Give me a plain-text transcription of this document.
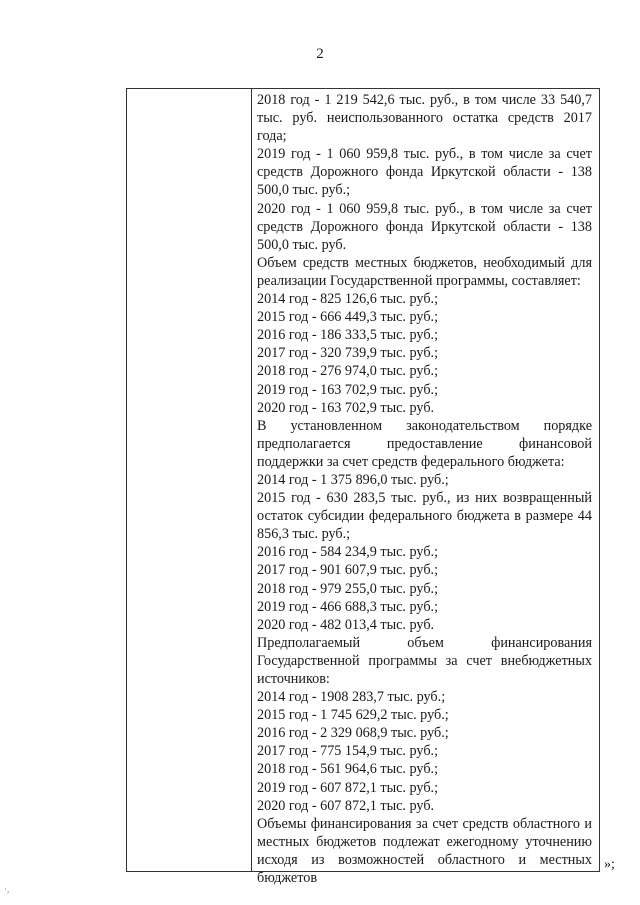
2

2018 год - 1 219 542,6 тыс. руб., в том числе 33 540,7 тыс. руб. неиспользованного остатка средств 2017 года;

2019 год - 1 060 959,8 тыс. руб., в том числе за счет средств Дорожного фонда Иркутской области - 138 500,0 тыс. руб.;

2020 год - 1 060 959,8 тыс. руб., в том числе за счет средств Дорожного фонда Иркутской области - 138 500,0 тыс. руб.

Объем средств местных бюджетов, необходимый для реализации Государственной программы, составляет:

2014 год - 825 126,6 тыс. руб.;

2015 год - 666 449,3 тыс. руб.;

2016 год - 186 333,5 тыс. руб.;

2017 год - 320 739,9 тыс. руб.;

2018 год - 276 974,0 тыс. руб.;

2019 год - 163 702,9 тыс. руб.;

2020 год - 163 702,9 тыс. руб.

В установленном законодательством порядке предполагается предоставление финансовой поддержки за счет средств федерального бюджета:

2014 год - 1 375 896,0 тыс. руб.;

2015 год - 630 283,5 тыс. руб., из них возвращенный остаток субсидии федерального бюджета в размере 44 856,3 тыс. руб.;

2016 год - 584 234,9 тыс. руб.;

2017 год - 901 607,9 тыс. руб.;

2018 год - 979 255,0 тыс. руб.;

2019 год - 466 688,3 тыс. руб.;

2020 год - 482 013,4 тыс. руб.

Предполагаемый объем финансирования Государственной программы за счет внебюджетных источников:

2014 год - 1908 283,7 тыс. руб.;

2015 год - 1 745 629,2 тыс. руб.;

2016 год - 2 329 068,9 тыс. руб.;

2017 год - 775 154,9 тыс. руб.;

2018 год - 561 964,6 тыс. руб.;

2019 год - 607 872,1 тыс. руб.;

2020 год - 607 872,1 тыс. руб.

Объемы финансирования за счет средств областного и местных бюджетов подлежат ежегодному уточнению исходя из возможностей областного и местных бюджетов

»;
·,
